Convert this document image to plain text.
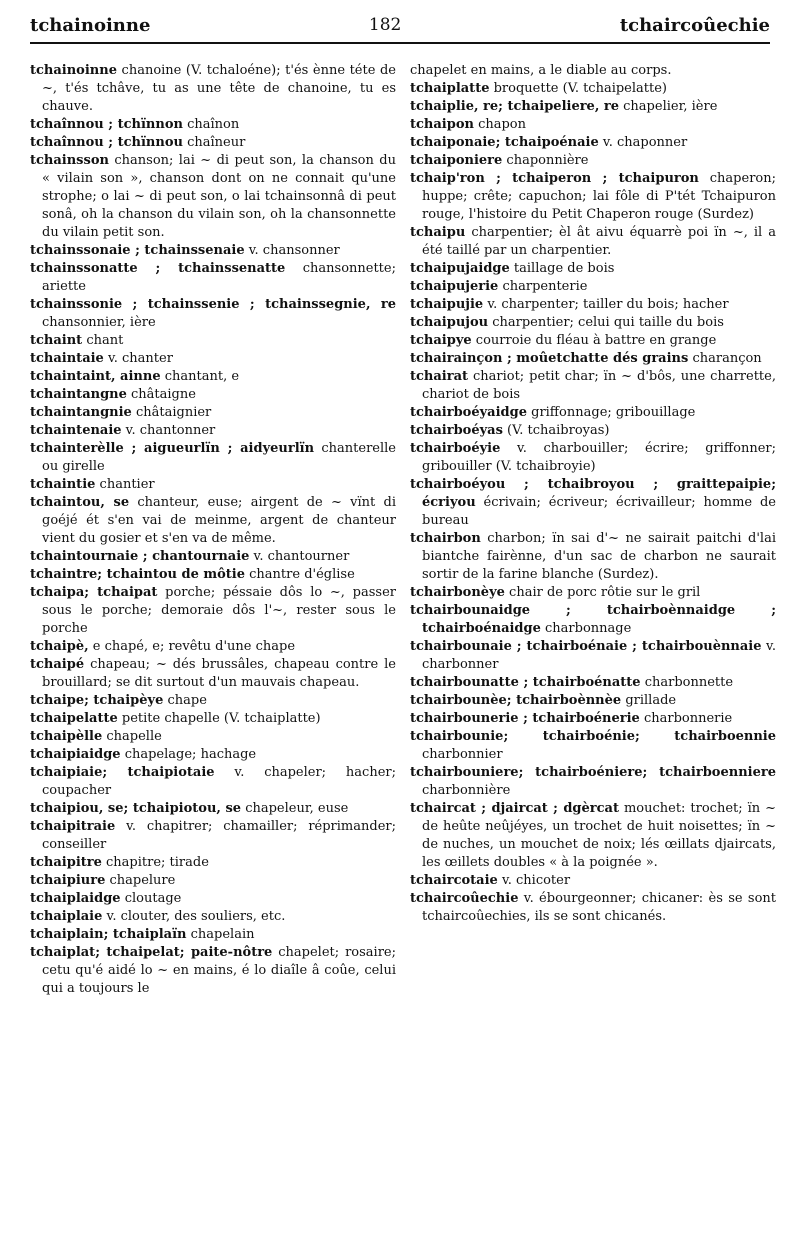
tchainoinne	182	tchaircoûechie

tchainoinne chanoine (V. tchaloéne); t'és ènne téte de ~, t'és tchâve, tu as une tête de chanoine, tu es chauve.

tchaînnou ; tchïnnon chaînon

tchaînnou ; tchïnnou chaîneur

tchainsson chanson; lai ~ di peut son, la chanson du « vilain son », chanson dont on ne connait qu'une strophe; o lai ~ di peut son, o lai tchainsonnâ di peut sonâ, oh la chanson du vilain son, oh la chansonnette du vilain petit son.

tchainssonaie ; tchainssenaie v. chansonner

tchainssonatte ; tchainssenatte chansonnette; ariette

tchainssonie ; tchainssenie ; tchainssegnie, re chansonnier, ière

tchaint chant

tchaintaie v. chanter

tchaintaint, ainne chantant, e

tchaintangne châtaigne

tchaintangnie châtaignier

tchaintenaie v. chantonner

tchainterèlle ; aigueurlïn ; aidyeurlïn chanterelle ou girelle

tchaintie chantier

tchaintou, se chanteur, euse; airgent de ~ vïnt di goéjé ét s'en vai de meinme, argent de chanteur vient du gosier et s'en va de même.

tchaintournaie ; chantournaie v. chantourner

tchaintre; tchaintou de môtie chantre d'église

tchaipa; tchaipat porche; péssaie dôs lo ~, passer sous le porche; demoraie dôs l'~, rester sous le porche

tchaipè, e chapé, e; revêtu d'une chape

tchaipé chapeau; ~ dés brussâles, chapeau contre le brouillard; se dit surtout d'un mauvais chapeau.

tchaipe; tchaipèye chape

tchaipelatte petite chapelle (V. tchaiplatte)

tchaipèlle chapelle

tchaipiaidge chapelage; hachage

tchaipiaie; tchaipiotaie v. chapeler; hacher; coupacher

tchaipiou, se; tchaipiotou, se chapeleur, euse

tchaipitraie v. chapitrer; chamailler; réprimander; conseiller

tchaipitre chapitre; tirade

tchaipiure chapelure

tchaiplaidge cloutage

tchaiplaie v. clouter, des souliers, etc.

tchaiplain; tchaiplaïn chapelain

tchaiplat; tchaipelat; paite-nôtre chapelet; rosaire; cetu qu'é aidé lo ~ en mains, é lo diaîle â coûe, celui qui a toujours le

chapelet en mains, a le diable au corps.

tchaiplatte broquette (V. tchaipelatte)

tchaiplie, re; tchaipeliere, re chapelier, ière

tchaipon chapon

tchaiponaie; tchaipoénaie v. chaponner

tchaiponiere chaponnière

tchaip'ron ; tchaiperon ; tchaipuron chaperon; huppe; crête; capuchon; lai fôle di P'tét Tchaipuron rouge, l'histoire du Petit Chaperon rouge (Surdez)

tchaipu charpentier; èl ât aivu équarrè poi ïn ~, il a été taillé par un charpentier.

tchaipujaidge taillage de bois

tchaipujerie charpenterie

tchaipujie v. charpenter; tailler du bois; hacher

tchaipujou charpentier; celui qui taille du bois

tchaipye courroie du fléau à battre en grange

tchairainçon ; moûetchatte dés grains charançon

tchairat chariot; petit char; ïn ~ d'bôs, une charrette, chariot de bois

tchairboéyaidge griffonnage; gribouillage

tchairboéyas (V. tchaibroyas)

tchairboéyie v. charbouiller; écrire; griffonner; gribouiller (V. tchaibroyie)

tchairboéyou ; tchaibroyou ; graittepaipie; écriyou écrivain; écriveur; écrivailleur; homme de bureau

tchairbon charbon; ïn sai d'~ ne sairait paitchi d'lai biantche fairènne, d'un sac de charbon ne saurait sortir de la farine blanche (Surdez).

tchairbonèye chair de porc rôtie sur le gril

tchairbounaidge ; tchairboènnaidge ; tchairboénaidge charbonnage

tchairbounaie ; tchairboénaie ; tchairbouènnaie v. charbonner

tchairbounatte ; tchairboénatte charbonnette

tchairbounèe; tchairboènnèe grillade

tchairbounerie ; tchairboénerie charbonnerie

tchairbounie; tchairboénie; tchairboennie charbonnier

tchairbouniere; tchairboéniere; tchairboenniere charbonnière

tchaircat ; djaircat ; dgèrcat mouchet: trochet; ïn ~ de heûte neûjéyes, un trochet de huit noisettes; ïn ~ de nuches, un mouchet de noix; lés œillats djaircats, les œillets doubles « à la poignée ».

tchaircotaie v. chicoter

tchaircoûechie v. ébourgeonner; chicaner: ès se sont tchaircoûechies, ils se sont chicanés.
